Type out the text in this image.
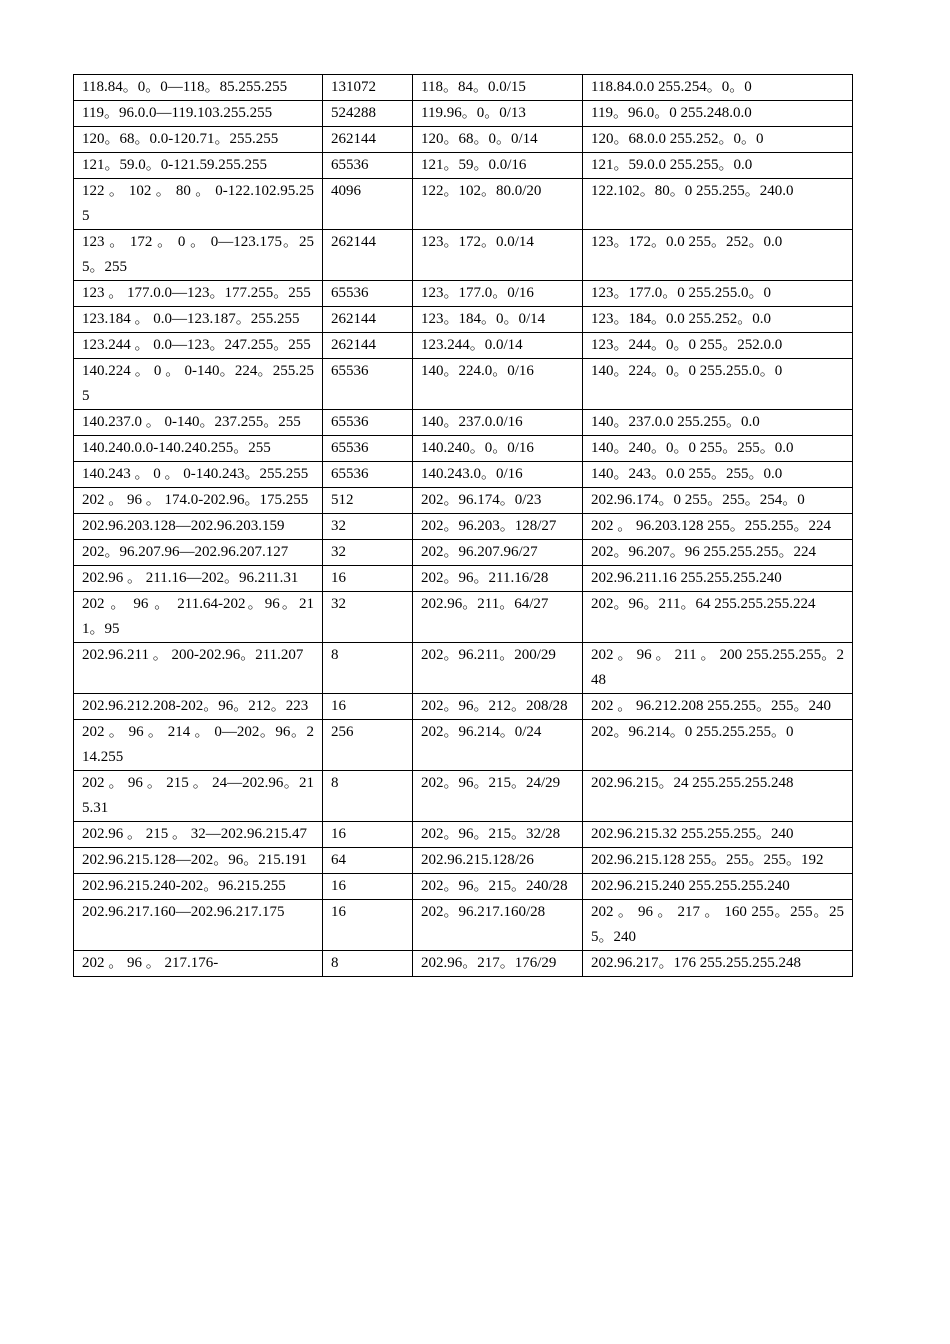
118.84。0。0—118。85.255.255	131072	118。84。0.0/15	118.84.0.0 255.254。0。0
119。96.0.0—119.103.255.255	524288	119.96。0。0/13	119。96.0。0 255.248.0.0
120。68。0.0-120.71。255.255	262144	120。68。0。0/14	120。68.0.0 255.252。0。0
121。59.0。0-121.59.255.255	65536	121。59。0.0/16	121。59.0.0 255.255。0.0
122 。 102 。 80 。 0-122.102.95.255	4096	122。102。80.0/20	122.102。80。0 255.255。240.0
123 。 172 。 0 。 0—123.175。255。255	262144	123。172。0.0/14	123。172。0.0 255。252。0.0
123 。 177.0.0—123。177.255。255	65536	123。177.0。0/16	123。177.0。0 255.255.0。0
123.184 。 0.0—123.187。255.255	262144	123。184。0。0/14	123。184。0.0 255.252。0.0
123.244 。 0.0—123。247.255。255	262144	123.244。0.0/14	123。244。0。0 255。252.0.0
140.224 。 0 。 0-140。224。255.255	65536	140。224.0。0/16	140。224。0。0 255.255.0。0
140.237.0 。 0-140。237.255。255	65536	140。237.0.0/16	140。237.0.0 255.255。0.0
140.240.0.0-140.240.255。255	65536	140.240。0。0/16	140。240。0。0 255。255。0.0
140.243 。 0 。 0-140.243。255.255	65536	140.243.0。0/16	140。243。0.0 255。255。0.0
202 。 96 。 174.0-202.96。175.255	512	202。96.174。0/23	202.96.174。0 255。255。254。0
202.96.203.128—202.96.203.159	32	202。96.203。128/27	202 。 96.203.128 255。255.255。224
202。96.207.96—202.96.207.127	32	202。96.207.96/27	202。96.207。96 255.255.255。224
202.96 。 211.16—202。96.211.31	16	202。96。211.16/28	202.96.211.16 255.255.255.240
202 。 96 。 211.64-202。96。211。95	32	202.96。211。64/27	202。96。211。64 255.255.255.224
202.96.211 。 200-202.96。211.207	8	202。96.211。200/29	202 。 96 。 211 。 200 255.255.255。248
202.96.212.208-202。96。212。223	16	202。96。212。208/28	202 。 96.212.208 255.255。255。240
202 。 96 。 214 。 0—202。96。214.255	256	202。96.214。0/24	202。96.214。0 255.255.255。0
202 。 96 。 215 。 24—202.96。215.31	8	202。96。215。24/29	202.96.215。24 255.255.255.248
202.96 。 215 。 32—202.96.215.47	16	202。96。215。32/28	202.96.215.32 255.255.255。240
202.96.215.128—202。96。215.191	64	202.96.215.128/26	202.96.215.128 255。255。255。192
202.96.215.240-202。96.215.255	16	202。96。215。240/28	202.96.215.240 255.255.255.240
202.96.217.160—202.96.217.175	16	202。96.217.160/28	202 。 96 。 217 。 160 255。255。255。240
202 。 96 。 217.176-	8	202.96。217。176/29	202.96.217。176 255.255.255.248
